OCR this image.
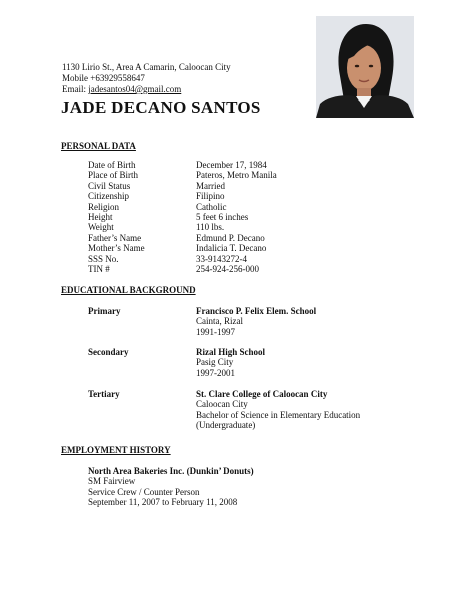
1130 Lirio St., Area A Camarin, Caloocan City
Mobile +63929558647
Email: jadesantos04@gmail.com
JADE DECANO SANTOS
PERSONAL DATA
Date of Birth	December 17, 1984
Place of Birth	Pateros, Metro Manila
Civil Status	Married
Citizenship	Filipino
Religion	Catholic
Height	5 feet 6 inches
Weight	110 lbs.
Father’s Name	Edmund P. Decano
Mother’s Name	Indalicia T. Decano
SSS No.	33-9143272-4
TIN #	254-924-256-000
EDUCATIONAL BACKGROUND
Primary	Francisco P. Felix Elem. School
Cainta, Rizal
1991-1997
Secondary	Rizal High School
Pasig City
1997-2001
Tertiary	St. Clare College of Caloocan City
Caloocan City
Bachelor of Science in Elementary Education
(Undergraduate)
EMPLOYMENT HISTORY
North Area Bakeries Inc. (Dunkin’ Donuts)
SM Fairview
Service Crew / Counter Person
September 11, 2007 to February 11, 2008
